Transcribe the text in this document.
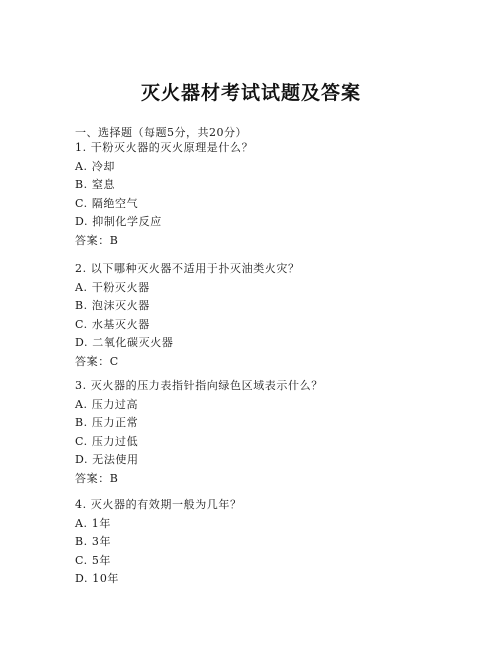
灭火器材考试试题及答案
一、选择题（每题5分，共20分）
1. 干粉灭火器的灭火原理是什么？
A. 冷却
B. 窒息
C. 隔绝空气
D. 抑制化学反应
答案：B
2. 以下哪种灭火器不适用于扑灭油类火灾？
A. 干粉灭火器
B. 泡沫灭火器
C. 水基灭火器
D. 二氧化碳灭火器
答案：C
3. 灭火器的压力表指针指向绿色区域表示什么？
A. 压力过高
B. 压力正常
C. 压力过低
D. 无法使用
答案：B
4. 灭火器的有效期一般为几年？
A. 1年
B. 3年
C. 5年
D. 10年
